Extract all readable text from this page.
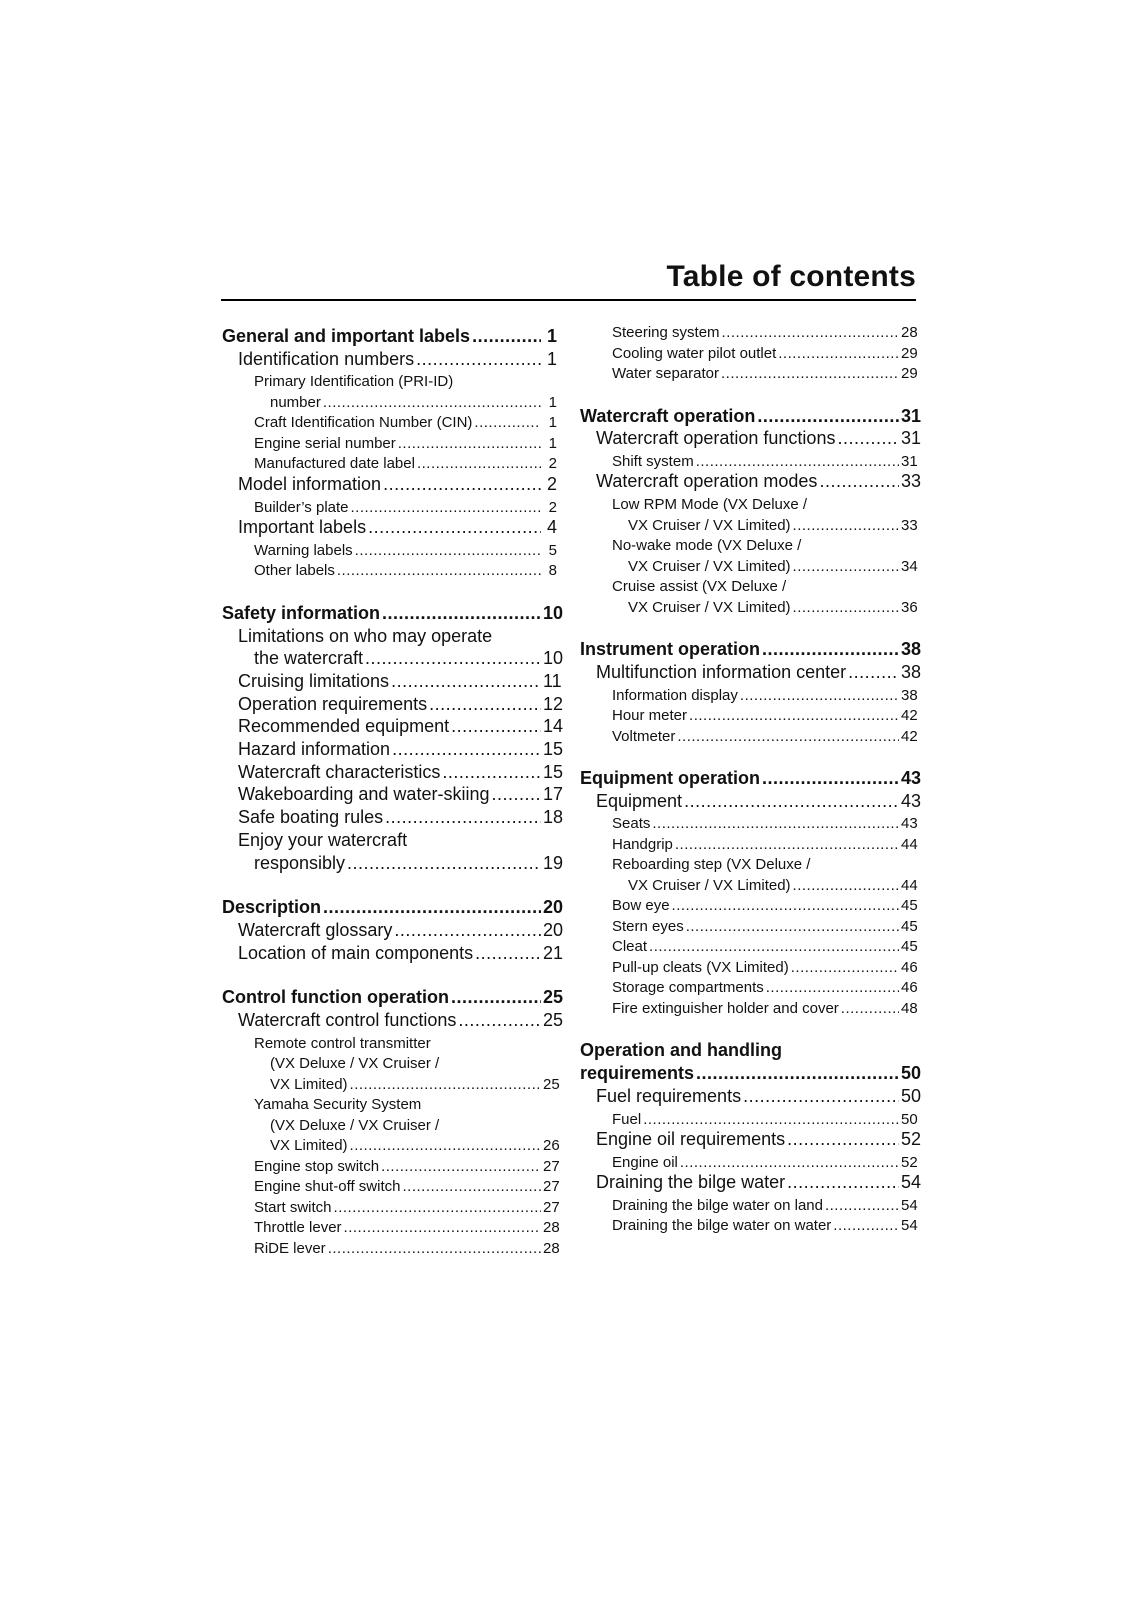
Table of contents
General and important labels .....	1
Identification numbers .....	1
Primary Identification (PRI-ID)
number .....	1
Craft Identification Number (CIN) .....	1
Engine serial number .....	1
Manufactured date label .....	2
Model information .....	2
Builder’s plate .....	2
Important labels .....	4
Warning labels .....	5
Other labels .....	8
Safety information .....	10
Limitations on who may operate
the watercraft .....	10
Cruising limitations .....	11
Operation requirements .....	12
Recommended equipment .....	14
Hazard information .....	15
Watercraft characteristics .....	15
Wakeboarding and water-skiing .....	17
Safe boating rules .....	18
Enjoy your watercraft
responsibly .....	19
Description .....	20
Watercraft glossary .....	20
Location of main components .....	21
Control function operation .....	25
Watercraft control functions .....	25
Remote control transmitter
(VX Deluxe / VX Cruiser /
VX Limited) .....	25
Yamaha Security System
(VX Deluxe / VX Cruiser /
VX Limited) .....	26
Engine stop switch .....	27
Engine shut-off switch .....	27
Start switch .....	27
Throttle lever .....	28
RiDE lever .....	28
Steering system .....	28
Cooling water pilot outlet .....	29
Water separator .....	29
Watercraft operation .....	31
Watercraft operation functions .....	31
Shift system .....	31
Watercraft operation modes .....	33
Low RPM Mode (VX Deluxe /
VX Cruiser / VX Limited) .....	33
No-wake mode (VX Deluxe /
VX Cruiser / VX Limited) .....	34
Cruise assist (VX Deluxe /
VX Cruiser / VX Limited) .....	36
Instrument operation .....	38
Multifunction information center .....	38
Information display .....	38
Hour meter .....	42
Voltmeter .....	42
Equipment operation .....	43
Equipment .....	43
Seats .....	43
Handgrip .....	44
Reboarding step (VX Deluxe /
VX Cruiser / VX Limited) .....	44
Bow eye .....	45
Stern eyes .....	45
Cleat .....	45
Pull-up cleats (VX Limited) .....	46
Storage compartments .....	46
Fire extinguisher holder and cover .....	48
Operation and handling
requirements .....	50
Fuel requirements .....	50
Fuel .....	50
Engine oil requirements .....	52
Engine oil .....	52
Draining the bilge water .....	54
Draining the bilge water on land .....	54
Draining the bilge water on water .....	54
